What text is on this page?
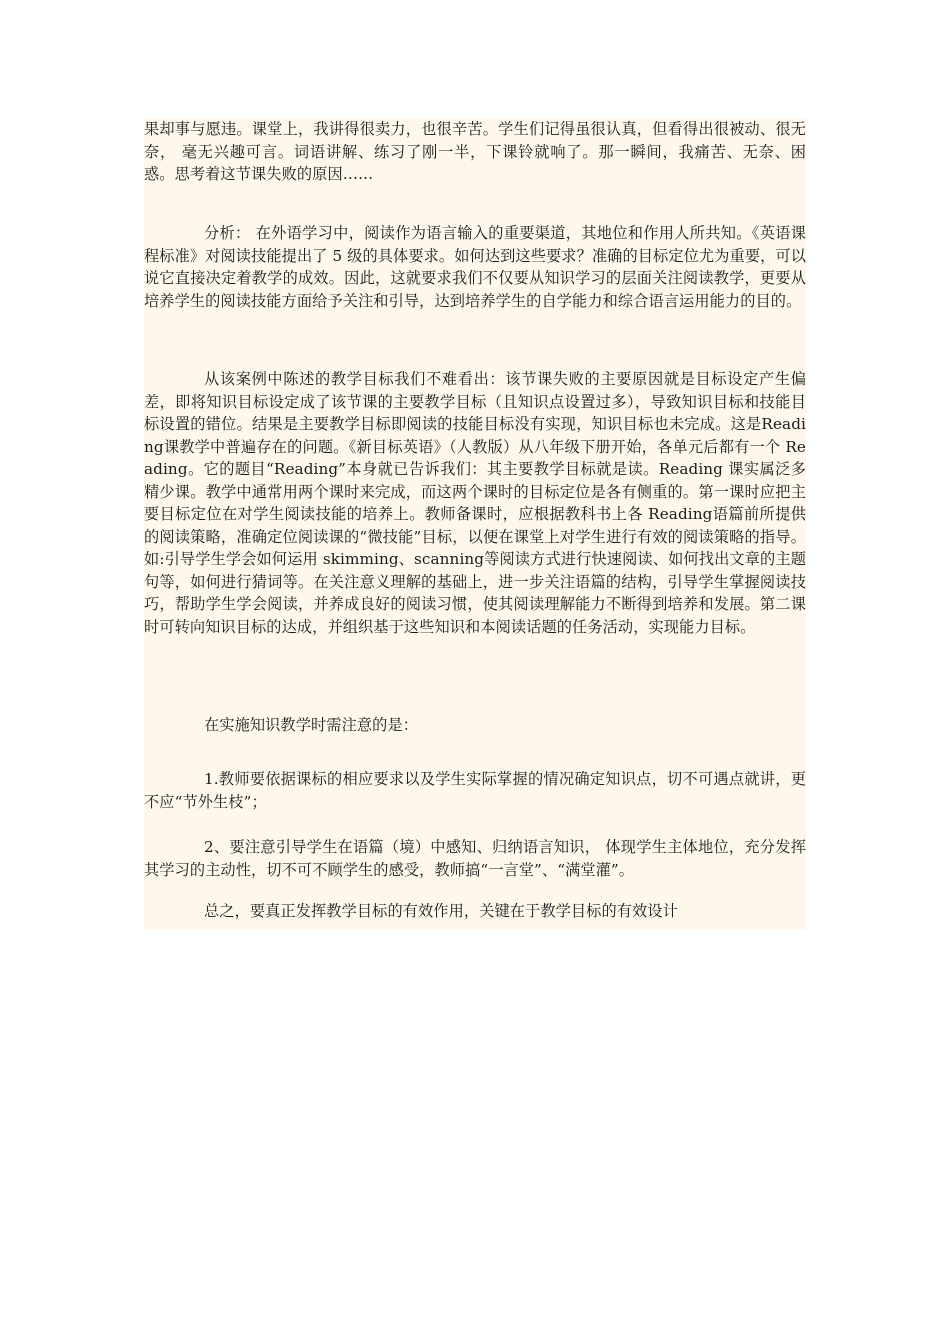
果却事与愿违。课堂上，我讲得很卖力，也很辛苦。学生们记得虽很认真，但看得出很被动、很无奈， 毫无兴趣可言。词语讲解、练习了刚一半，下课铃就响了。那一瞬间，我痛苦、无奈、困惑。思考着这节课失败的原因……

分析： 在外语学习中，阅读作为语言输入的重要渠道，其地位和作用人所共知。《英语课程标准》对阅读技能提出了 5 级的具体要求。如何达到这些要求？准确的目标定位尤为重要，可以说它直接决定着教学的成效。因此，这就要求我们不仅要从知识学习的层面关注阅读教学，更要从培养学生的阅读技能方面给予关注和引导，达到培养学生的自学能力和综合语言运用能力的目的。

从该案例中陈述的教学目标我们不难看出：该节课失败的主要原因就是目标设定产生偏差，即将知识目标设定成了该节课的主要教学目标（且知识点设置过多），导致知识目标和技能目标设置的错位。结果是主要教学目标即阅读的技能目标没有实现，知识目标也未完成。这是Reading课教学中普遍存在的问题。《新目标英语》（人教版）从八年级下册开始，各单元后都有一个 Reading。它的题目“Reading”本身就已告诉我们：其主要教学目标就是读。Reading 课实属泛多精少课。教学中通常用两个课时来完成，而这两个课时的目标定位是各有侧重的。第一课时应把主要目标定位在对学生阅读技能的培养上。教师备课时，应根据教科书上各 Reading语篇前所提供的阅读策略，准确定位阅读课的“微技能”目标，以便在课堂上对学生进行有效的阅读策略的指导。如:引导学生学会如何运用 skimming、scanning等阅读方式进行快速阅读、如何找出文章的主题句等，如何进行猜词等。在关注意义理解的基础上，进一步关注语篇的结构，引导学生掌握阅读技巧，帮助学生学会阅读，并养成良好的阅读习惯，使其阅读理解能力不断得到培养和发展。第二课时可转向知识目标的达成，并组织基于这些知识和本阅读话题的任务活动，实现能力目标。

在实施知识教学时需注意的是：

1.教师要依据课标的相应要求以及学生实际掌握的情况确定知识点，切不可遇点就讲，更不应“节外生枝”；

2、要注意引导学生在语篇（境）中感知、归纳语言知识， 体现学生主体地位，充分发挥其学习的主动性，切不可不顾学生的感受，教师搞“一言堂”、“满堂灌”。

总之，要真正发挥教学目标的有效作用，关键在于教学目标的有效设计
